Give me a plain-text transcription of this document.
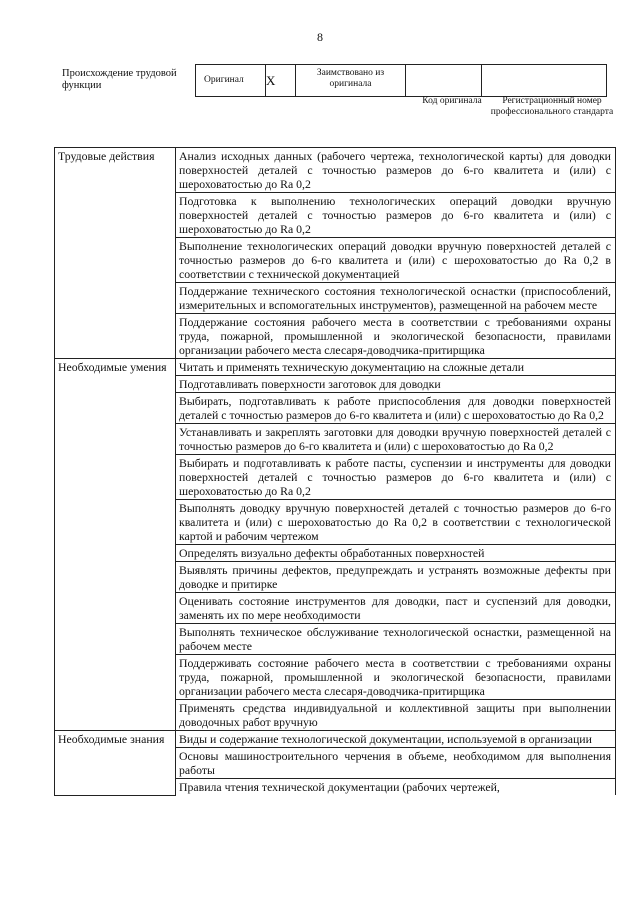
8
Происхождение трудовой функции	Оригинал	X	Заимствовано из оригинала
Код оригинала	Регистрационный номер профессионального стандарта
Трудовые действия	Анализ исходных данных (рабочего чертежа, технологической карты) для доводки поверхностей деталей с точностью размеров до 6-го квалитета и (или) с шероховатостью до Ra 0,2
	Подготовка к выполнению технологических операций доводки вручную поверхностей деталей с точностью размеров до 6-го квалитета и (или) с шероховатостью до Ra 0,2
	Выполнение технологических операций доводки вручную поверхностей деталей с точностью размеров до 6-го квалитета и (или) с шероховатостью до Ra 0,2 в соответствии с технической документацией
	Поддержание технического состояния технологической оснастки (приспособлений, измерительных и вспомогательных инструментов), размещенной на рабочем месте
	Поддержание состояния рабочего места в соответствии с требованиями охраны труда, пожарной, промышленной и экологической безопасности, правилами организации рабочего места слесаря-доводчика-притирщика
Необходимые умения	Читать и применять техническую документацию на сложные детали
	Подготавливать поверхности заготовок для доводки
	Выбирать, подготавливать к работе приспособления для доводки поверхностей деталей с точностью размеров до 6-го квалитета и (или) с шероховатостью до Ra 0,2
	Устанавливать и закреплять заготовки для доводки вручную поверхностей деталей с точностью размеров до 6-го квалитета и (или) с шероховатостью до Ra 0,2
	Выбирать и подготавливать к работе пасты, суспензии и инструменты для доводки поверхностей деталей с точностью размеров до 6-го квалитета и (или) с шероховатостью до Ra 0,2
	Выполнять доводку вручную поверхностей деталей с точностью размеров до 6-го квалитета и (или) с шероховатостью до Ra 0,2 в соответствии с технологической картой и рабочим чертежом
	Определять визуально дефекты обработанных поверхностей
	Выявлять причины дефектов, предупреждать и устранять возможные дефекты при доводке и притирке
	Оценивать состояние инструментов для доводки, паст и суспензий для доводки, заменять их по мере необходимости
	Выполнять техническое обслуживание технологической оснастки, размещенной на рабочем месте
	Поддерживать состояние рабочего места в соответствии с требованиями охраны труда, пожарной, промышленной и экологической безопасности, правилами организации рабочего места слесаря-доводчика-притирщика
	Применять средства индивидуальной и коллективной защиты при выполнении доводочных работ вручную
Необходимые знания	Виды и содержание технологической документации, используемой в организации
	Основы машиностроительного черчения в объеме, необходимом для выполнения работы
	Правила чтения технической документации (рабочих чертежей,
